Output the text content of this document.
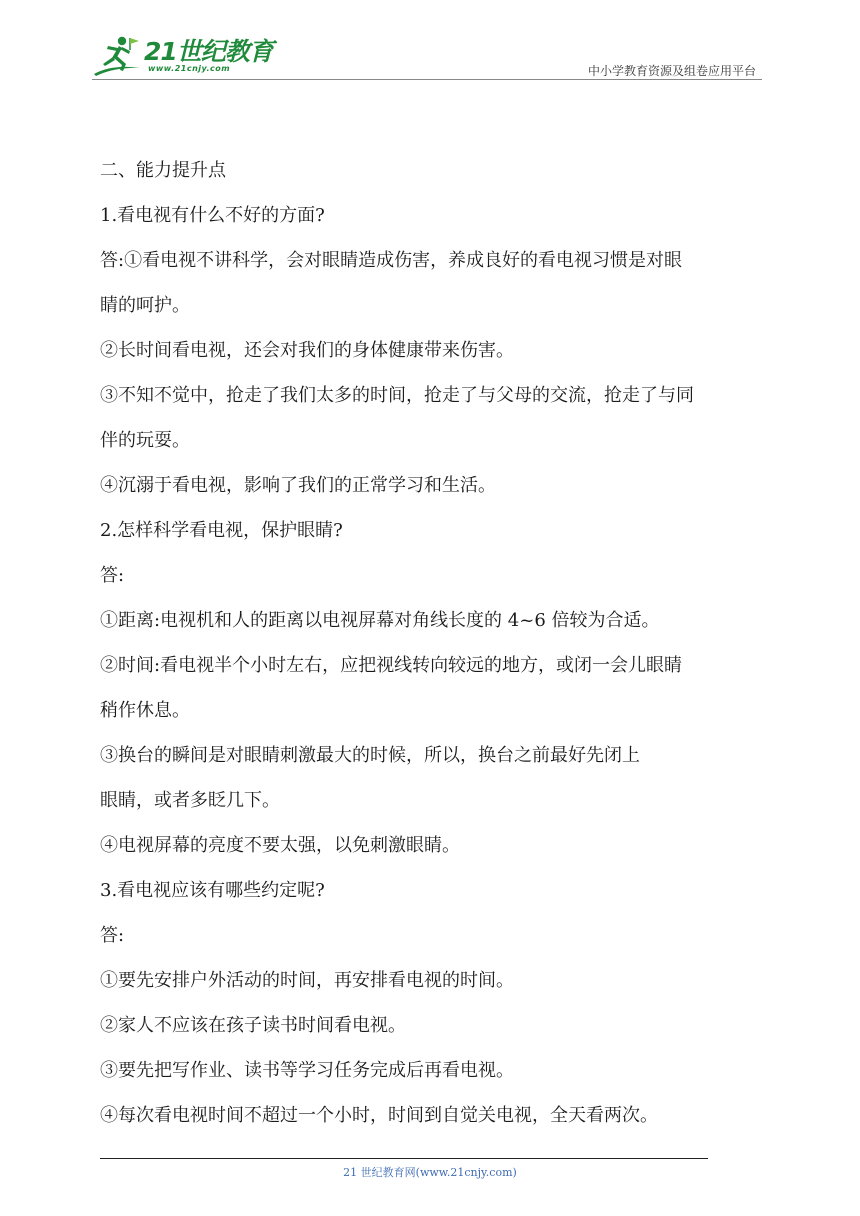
21世纪教育
www.21cnjy.com	中小学教育资源及组卷应用平台
二、能力提升点
1.看电视有什么不好的方面?
答:①看电视不讲科学，会对眼睛造成伤害，养成良好的看电视习惯是对眼
睛的呵护。
②长时间看电视，还会对我们的身体健康带来伤害。
③不知不觉中，抢走了我们太多的时间，抢走了与父母的交流，抢走了与同
伴的玩耍。
④沉溺于看电视，影响了我们的正常学习和生活。
2.怎样科学看电视，保护眼睛?
答:
①距离:电视机和人的距离以电视屏幕对角线长度的 4~6 倍较为合适。
②时间:看电视半个小时左右，应把视线转向较远的地方，或闭一会儿眼睛
稍作休息。
③换台的瞬间是对眼睛刺激最大的时候，所以，换台之前最好先闭上
眼睛，或者多眨几下。
④电视屏幕的亮度不要太强，以免刺激眼睛。
3.看电视应该有哪些约定呢?
答:
①要先安排户外活动的时间，再安排看电视的时间。
②家人不应该在孩子读书时间看电视。
③要先把写作业、读书等学习任务完成后再看电视。
④每次看电视时间不超过一个小时，时间到自觉关电视，全天看两次。
21 世纪教育网(www.21cnjy.com)
